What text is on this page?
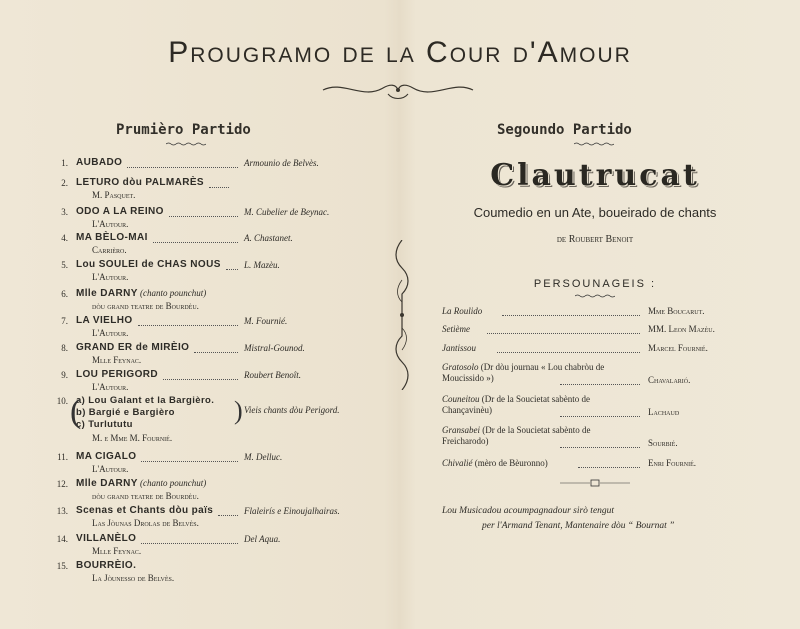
Prougramo de la Cour d'Amour
Prumièro Partido	Segoundo Partido
1. AUBADO	Armounio de Belvès.
2. LETURO dòu PALMARÈS
M. Pasquet.
3. ODO A LA REINO	M. Cubelier de Beynac.
L'Autour.
4. MA BÈLO-MAI	A. Chastanet.
Carrièro.
5. Lou SOULEI de CHAS NOUS	L. Mazèu.
L'Autour.
6. Mlle DARNY (chanto pounchut)
dòu grand teatre de Bourdèu.
7. LA VIELHO	M. Fournié.
L'Autour.
8. GRAND ER de MIRÈIO	Mistral-Gounod.
Mlle Feynac.
9. LOU PERIGORD	Roubert Benoît.
L'Autour.
10. a) Lou Galant et la Bargièro.
b) Bargié e Bargièro
c) Turlututu
Vieis chants dòu Perigord.
M. e Mme M. Fournié.
(	)
11. MA CIGALO	M. Delluc.
L'Autour.
12. Mlle DARNY (chanto pounchut)
dòu grand teatre de Bourdèu.
13. Scenas et Chants dòu païs	Flaleirís e Einoujalhairas.
Las Jòunas Drolas de Belvès.
14. VILLANÈLO	Del Aqua.
Mlle Feynac.
15. BOURRÈIO.
La Jòunesso de Belvès.
Clautrucat
Coumedio en un Ate, boueirado de chants
de Roubert Benoit
PERSOUNAGEIS :
La Roulido	Mme Boucarut.
Setième	MM. Leon Mazèu.
Jantissou	Marcel Fournié.
Gratosolo (Dr dòu journau « Lou chabròu de Moucissido »)	Chavalarió.
Couneitou (Dr de la Soucietat sabènto de Chançavinèu)	Lachaud
Gransabei (Dr de la Soucietat sabènto de Freicharodo)	Sourbié.
Chivalié (mèro de Bèuronno)	Enri Fournié.
Lou Musicadou acoumpagnadour sirò tengut
per l'Armand Tenant, Mantenaire dòu “ Bournat ”
